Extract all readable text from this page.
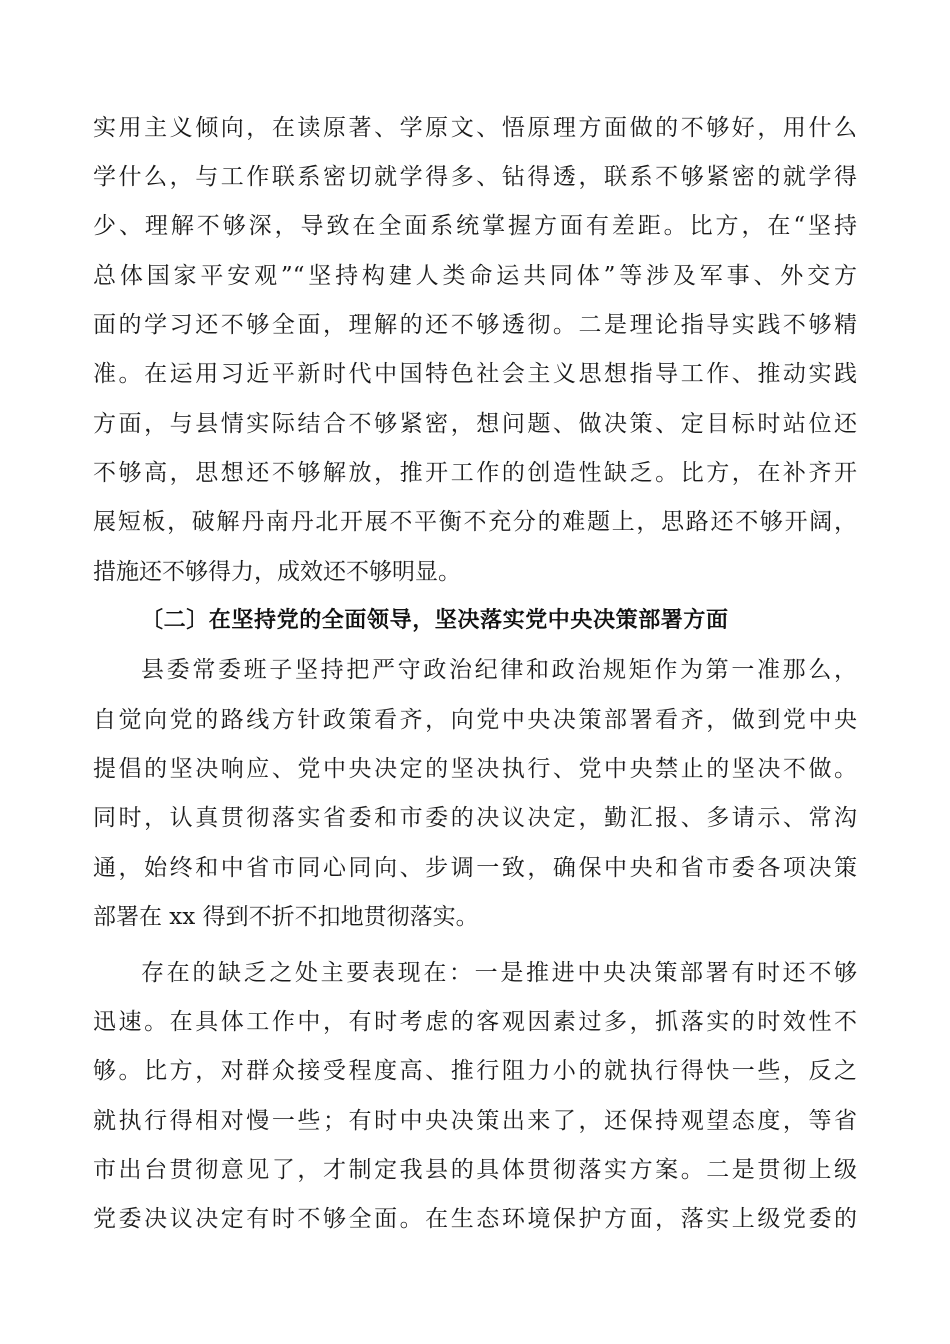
实用主义倾向，在读原著、学原文、悟原理方面做的不够好，用什么
学什么，与工作联系密切就学得多、钻得透，联系不够紧密的就学得
少、理解不够深，导致在全面系统掌握方面有差距。比方，在“坚持
总体国家平安观”“坚持构建人类命运共同体”等涉及军事、外交方
面的学习还不够全面，理解的还不够透彻。二是理论指导实践不够精
准。在运用习近平新时代中国特色社会主义思想指导工作、推动实践
方面，与县情实际结合不够紧密，想问题、做决策、定目标时站位还
不够高，思想还不够解放，推开工作的创造性缺乏。比方，在补齐开
展短板，破解丹南丹北开展不平衡不充分的难题上，思路还不够开阔，
措施还不够得力，成效还不够明显。
〔二〕在坚持党的全面领导，坚决落实党中央决策部署方面
县委常委班子坚持把严守政治纪律和政治规矩作为第一准那么，
自觉向党的路线方针政策看齐，向党中央决策部署看齐，做到党中央
提倡的坚决响应、党中央决定的坚决执行、党中央禁止的坚决不做。
同时，认真贯彻落实省委和市委的决议决定，勤汇报、多请示、常沟
通，始终和中省市同心同向、步调一致，确保中央和省市委各项决策
部署在 xx 得到不折不扣地贯彻落实。
存在的缺乏之处主要表现在：一是推进中央决策部署有时还不够
迅速。在具体工作中，有时考虑的客观因素过多，抓落实的时效性不
够。比方，对群众接受程度高、推行阻力小的就执行得快一些，反之
就执行得相对慢一些；有时中央决策出来了，还保持观望态度，等省
市出台贯彻意见了，才制定我县的具体贯彻落实方案。二是贯彻上级
党委决议决定有时不够全面。在生态环境保护方面，落实上级党委的
